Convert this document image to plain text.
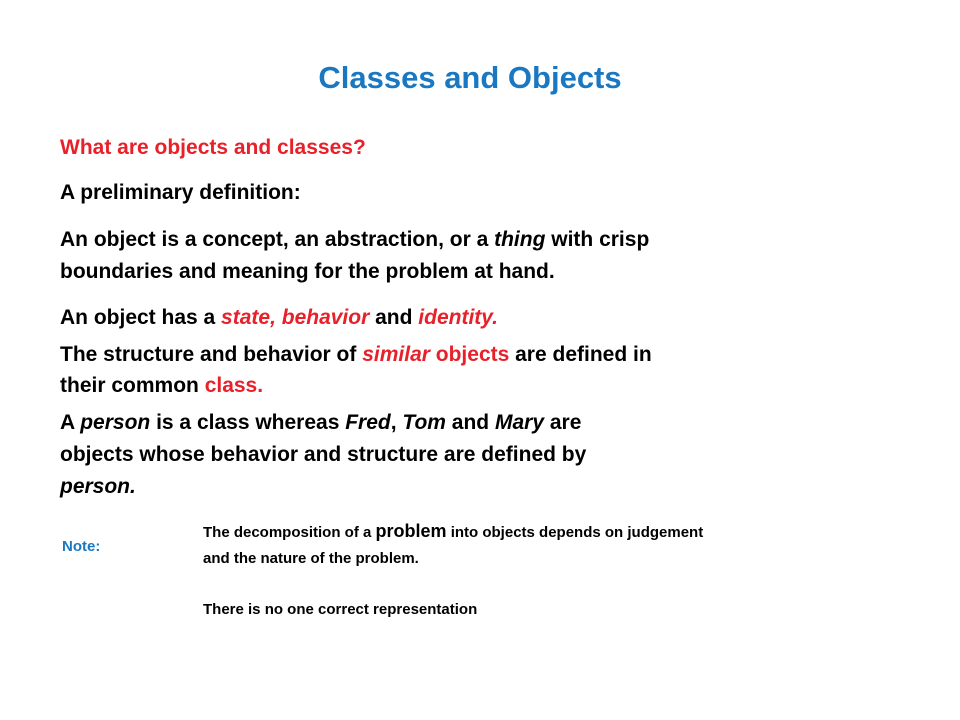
Classes and Objects
What are objects and classes?
A preliminary definition:
An object is a concept, an abstraction, or a thing with crisp
boundaries and meaning for the problem at hand.
An object has a state, behavior and identity.
The structure and behavior of similar objects are defined in
their common class.
A person is a class whereas Fred, Tom and Mary are
objects whose behavior and structure are defined by
person.
Note:
The decomposition of a problem into objects depends on judgement
and the nature of the problem.
There is no one correct representation
